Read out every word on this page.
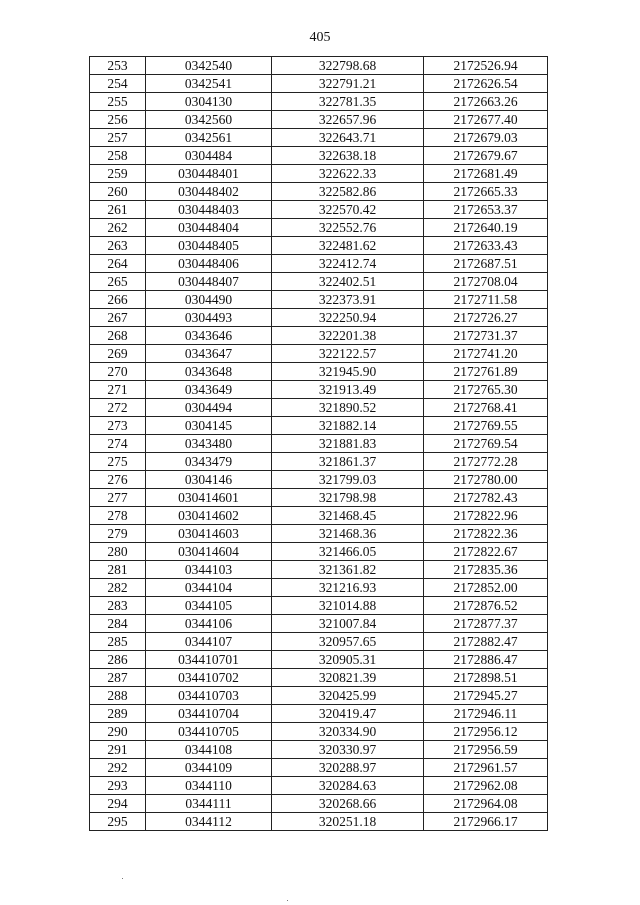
405
253	0342540	322798.68	2172526.94
254	0342541	322791.21	2172626.54
255	0304130	322781.35	2172663.26
256	0342560	322657.96	2172677.40
257	0342561	322643.71	2172679.03
258	0304484	322638.18	2172679.67
259	030448401	322622.33	2172681.49
260	030448402	322582.86	2172665.33
261	030448403	322570.42	2172653.37
262	030448404	322552.76	2172640.19
263	030448405	322481.62	2172633.43
264	030448406	322412.74	2172687.51
265	030448407	322402.51	2172708.04
266	0304490	322373.91	2172711.58
267	0304493	322250.94	2172726.27
268	0343646	322201.38	2172731.37
269	0343647	322122.57	2172741.20
270	0343648	321945.90	2172761.89
271	0343649	321913.49	2172765.30
272	0304494	321890.52	2172768.41
273	0304145	321882.14	2172769.55
274	0343480	321881.83	2172769.54
275	0343479	321861.37	2172772.28
276	0304146	321799.03	2172780.00
277	030414601	321798.98	2172782.43
278	030414602	321468.45	2172822.96
279	030414603	321468.36	2172822.36
280	030414604	321466.05	2172822.67
281	0344103	321361.82	2172835.36
282	0344104	321216.93	2172852.00
283	0344105	321014.88	2172876.52
284	0344106	321007.84	2172877.37
285	0344107	320957.65	2172882.47
286	034410701	320905.31	2172886.47
287	034410702	320821.39	2172898.51
288	034410703	320425.99	2172945.27
289	034410704	320419.47	2172946.11
290	034410705	320334.90	2172956.12
291	0344108	320330.97	2172956.59
292	0344109	320288.97	2172961.57
293	0344110	320284.63	2172962.08
294	0344111	320268.66	2172964.08
295	0344112	320251.18	2172966.17
